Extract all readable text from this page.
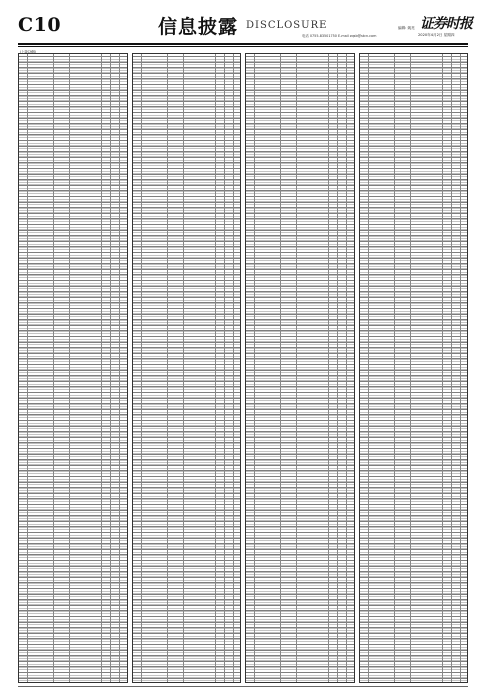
C10	信息披露 DISCLOSURE	编辑: 姚亮
电话 0755-83501750 E-mail zqsb@stcn.com
证券时报
2020年4月2日 星期四
(上接C9版)
